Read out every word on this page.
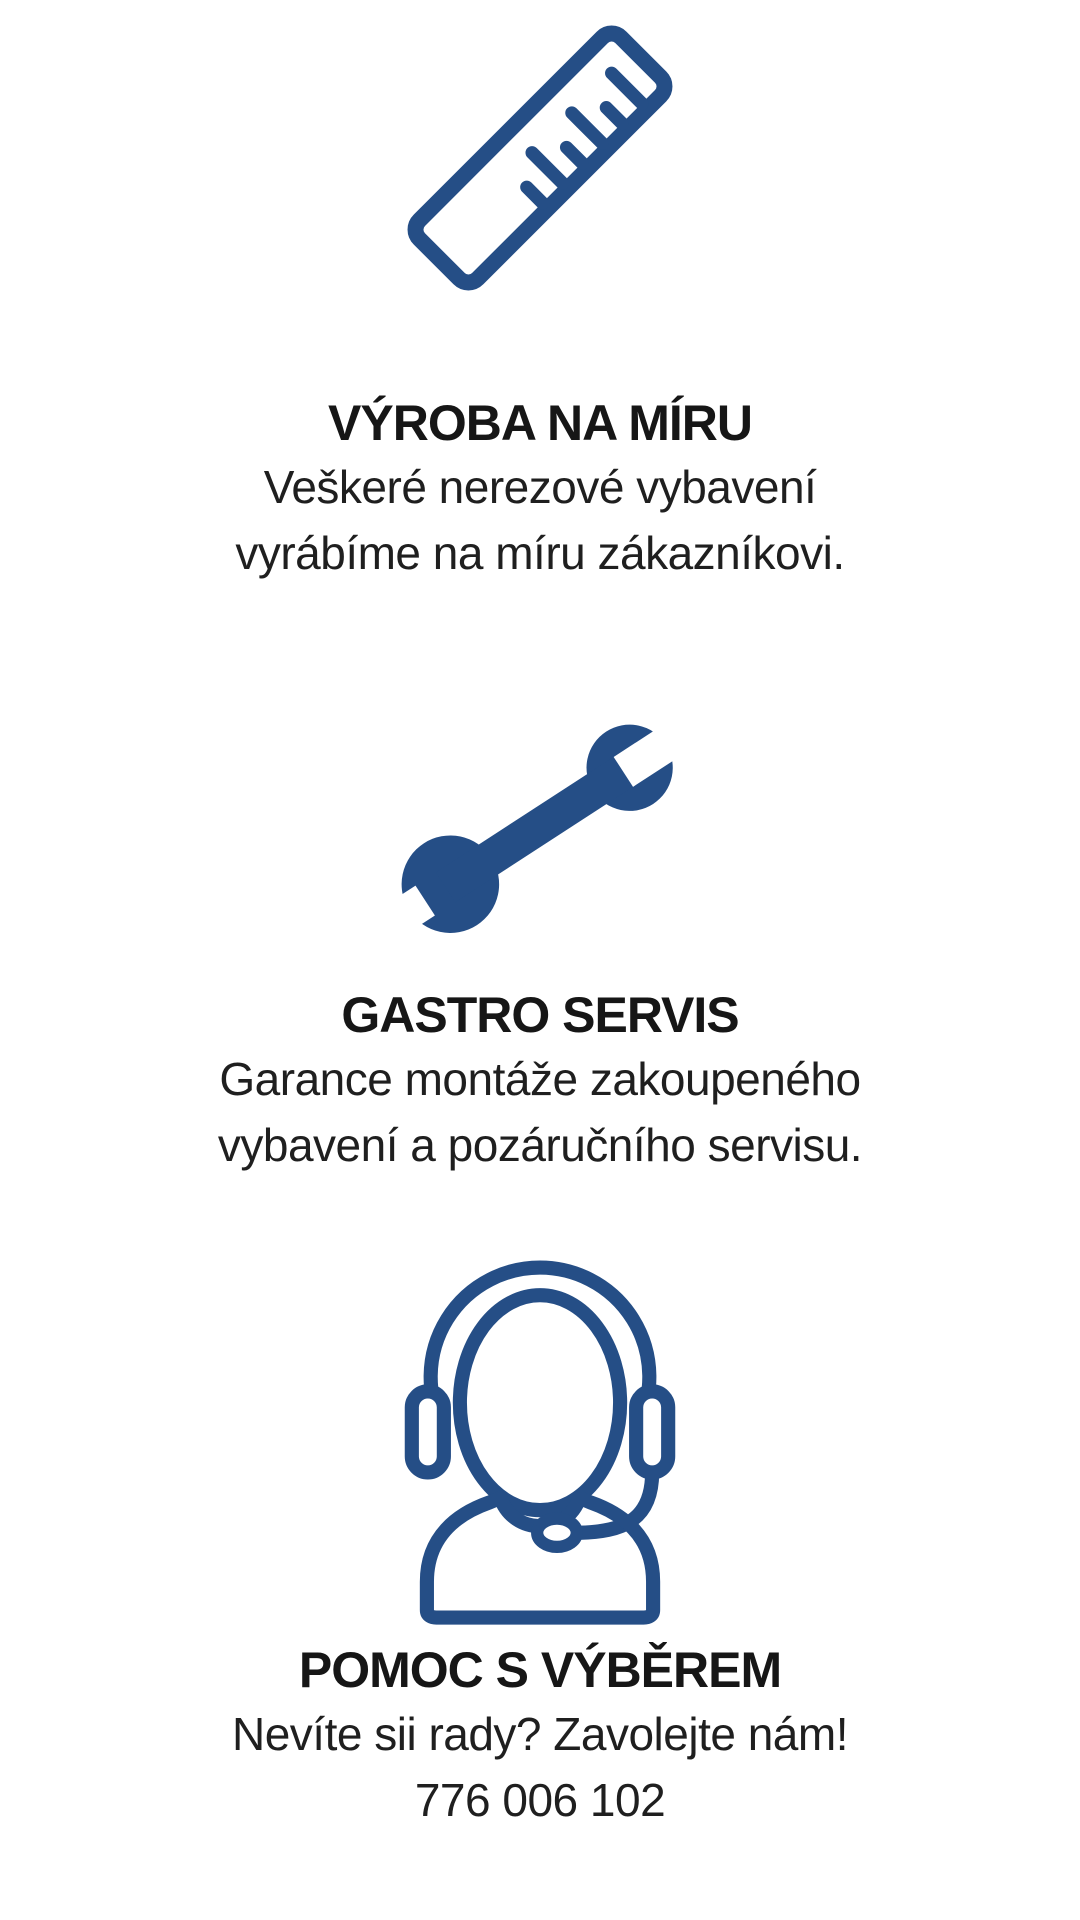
VÝROBA NA MÍRU
Veškeré nerezové vybavení
vyrábíme na míru zákazníkovi.
GASTRO SERVIS
Garance montáže zakoupeného
vybavení a pozáručního servisu.
POMOC S VÝBĚREM
Nevíte sii rady? Zavolejte nám!
776 006 102
